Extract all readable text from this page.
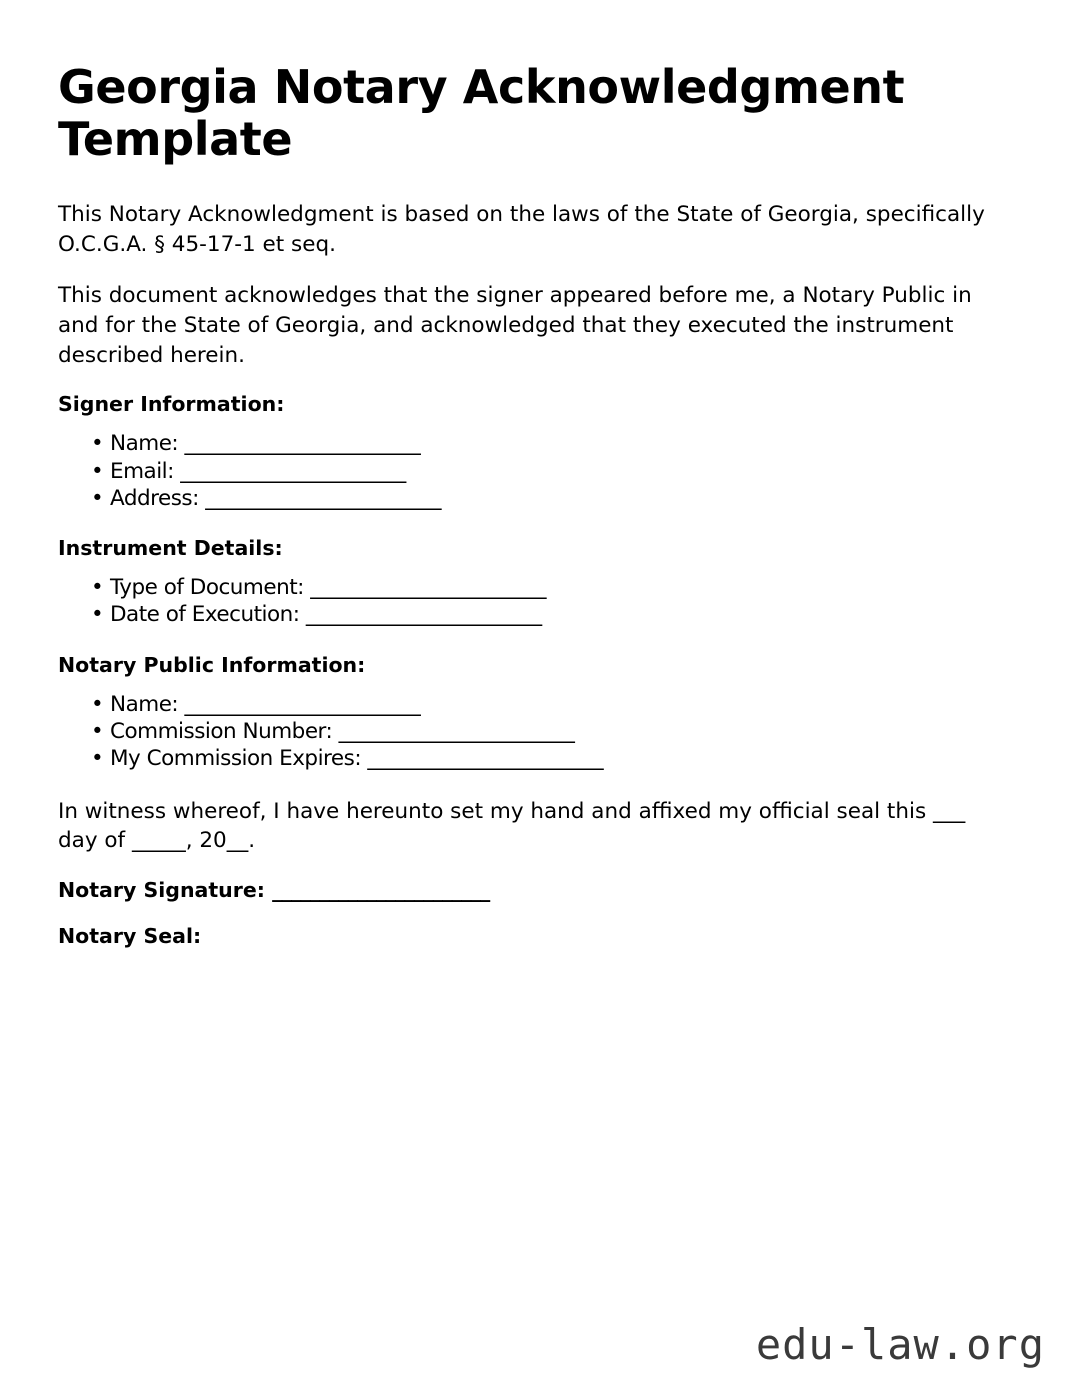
Georgia Notary Acknowledgment Template

This Notary Acknowledgment is based on the laws of the State of Georgia, specifically O.C.G.A. § 45-17-1 et seq.

This document acknowledges that the signer appeared before me, a Notary Public in and for the State of Georgia, and acknowledged that they executed the instrument described herein.

Signer Information:
• Name: _______________________
• Email: ______________________
• Address: _______________________
Instrument Details:
• Type of Document: _______________________
• Date of Execution: _______________________
Notary Public Information:
• Name: _______________________
• Commission Number: _______________________
• My Commission Expires: _______________________

In witness whereof, I have hereunto set my hand and affixed my official seal this ___ day of _____, 20__.

Notary Signature: _______________________

Notary Seal:

edu-law.org
